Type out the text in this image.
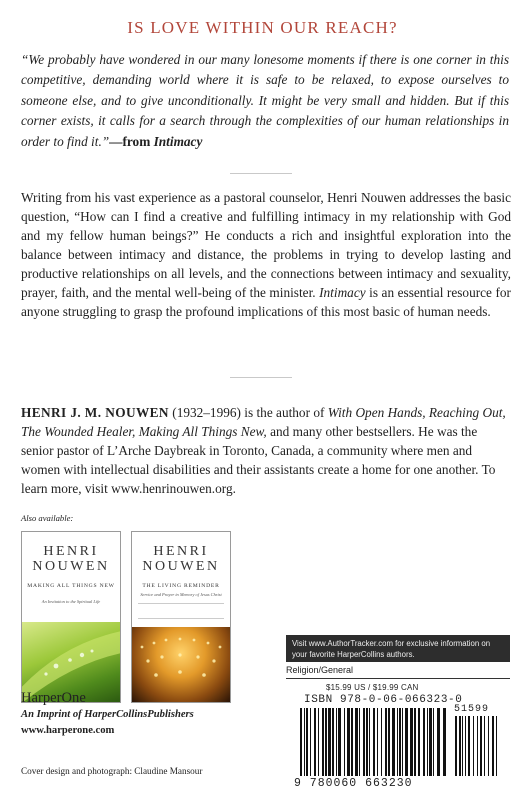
IS LOVE WITHIN OUR REACH?
“We probably have wondered in our many lonesome moments if there is one corner in this competitive, demanding world where it is safe to be relaxed, to expose ourselves to someone else, and to give unconditionally. It might be very small and hidden. But if this corner exists, it calls for a search through the complexities of our human relationships in order to find it.”—from Intimacy
Writing from his vast experience as a pastoral counselor, Henri Nouwen addresses the basic question, “How can I find a creative and fulfilling intimacy in my relationship with God and my fellow human beings?” He conducts a rich and insightful exploration into the balance between intimacy and distance, the problems in trying to develop lasting and productive relationships on all levels, and the connections between intimacy and sexuality, prayer, faith, and the mental well-being of the minister. Intimacy is an essential resource for anyone struggling to grasp the profound implications of this most basic of human needs.
HENRI J. M. NOUWEN (1932–1996) is the author of With Open Hands, Reaching Out, The Wounded Healer, Making All Things New, and many other bestsellers. He was the senior pastor of L’Arche Daybreak in Toronto, Canada, a community where men and women with intellectual disabilities and their assistants create a home for one another. To learn more, visit www.henrinouwen.org.
Also available:
HENRI
NOUWEN
MAKING ALL THINGS NEW
An Invitation to the Spiritual Life
HENRI
NOUWEN
THE LIVING REMINDER
Service and Prayer in Memory of Jesus Christ
HarperOne
An Imprint of HarperCollinsPublishers
www.harperone.com
Cover design and photograph: Claudine Mansour
Visit www.AuthorTracker.com for exclusive information on your favorite HarperCollins authors.
Religion/General
$15.99 US / $19.99 CAN
ISBN 978-0-06-066323-0
51599
9 780060 663230
